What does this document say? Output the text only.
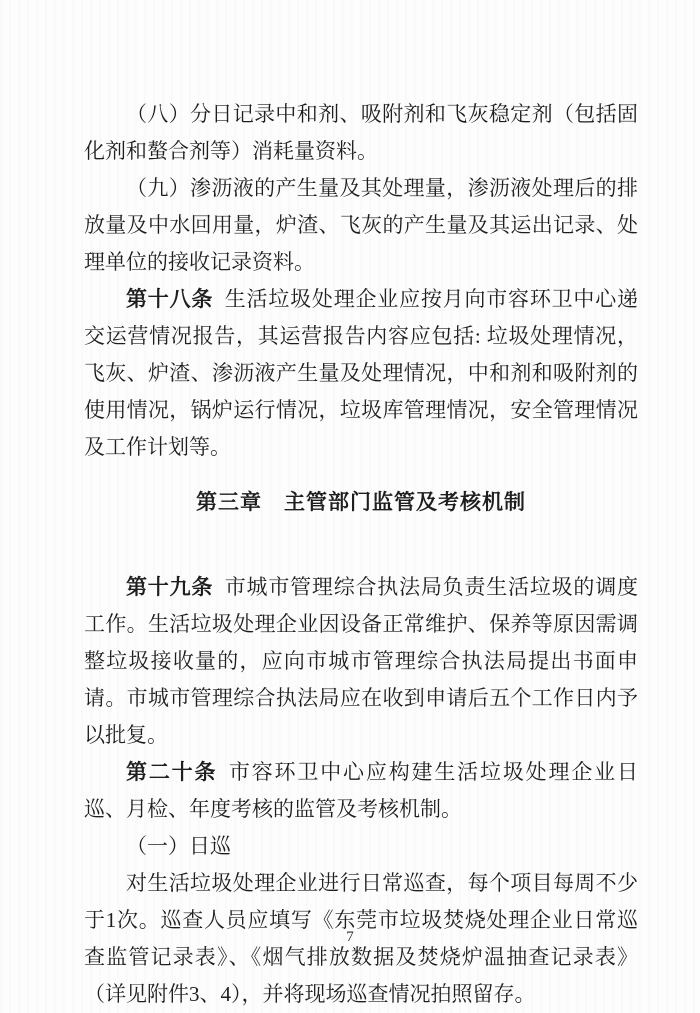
（八）分日记录中和剂、吸附剂和飞灰稳定剂（包括固化剂和螯合剂等）消耗量资料。

（九）渗沥液的产生量及其处理量，渗沥液处理后的排放量及中水回用量，炉渣、飞灰的产生量及其运出记录、处理单位的接收记录资料。

第十八条 生活垃圾处理企业应按月向市容环卫中心递交运营情况报告，其运营报告内容应包括: 垃圾处理情况，飞灰、炉渣、渗沥液产生量及处理情况，中和剂和吸附剂的使用情况，锅炉运行情况，垃圾库管理情况，安全管理情况及工作计划等。

第三章　主管部门监管及考核机制

第十九条 市城市管理综合执法局负责生活垃圾的调度工作。生活垃圾处理企业因设备正常维护、保养等原因需调整垃圾接收量的，应向市城市管理综合执法局提出书面申请。市城市管理综合执法局应在收到申请后五个工作日内予以批复。

第二十条 市容环卫中心应构建生活垃圾处理企业日巡、月检、年度考核的监管及考核机制。

（一）日巡

对生活垃圾处理企业进行日常巡查，每个项目每周不少于1次。巡查人员应填写《东莞市垃圾焚烧处理企业日常巡查监管记录表》、《烟气排放数据及焚烧炉温抽查记录表》（详见附件3、4），并将现场巡查情况拍照留存。

7
